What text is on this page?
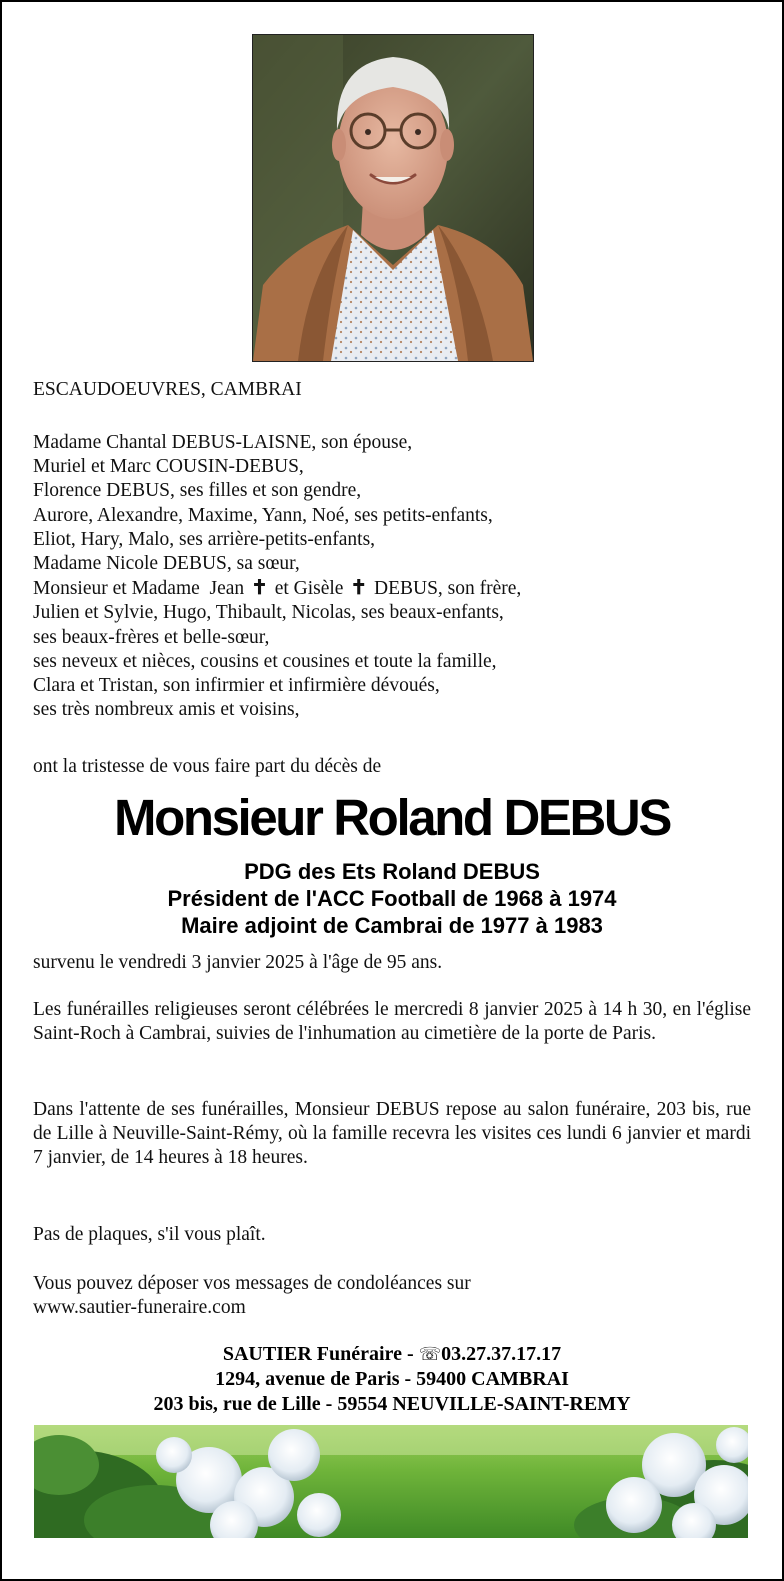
ESCAUDOEUVRES, CAMBRAI
Madame Chantal DEBUS-LAISNE, son épouse,
Muriel et Marc COUSIN-DEBUS,
Florence DEBUS, ses filles et son gendre,
Aurore, Alexandre, Maxime, Yann, Noé, ses petits-enfants,
Eliot, Hary, Malo, ses arrière-petits-enfants,
Madame Nicole DEBUS, sa sœur,
Monsieur et Madame  Jean ✝ et Gisèle ✝ DEBUS, son frère,
Julien et Sylvie, Hugo, Thibault, Nicolas, ses beaux-enfants,
ses beaux-frères et belle-sœur,
ses neveux et nièces, cousins et cousines et toute la famille,
Clara et Tristan, son infirmier et infirmière dévoués,
ses très nombreux amis et voisins,
ont la tristesse de vous faire part du décès de
Monsieur Roland DEBUS
PDG des Ets Roland DEBUS
Président de l'ACC Football de 1968 à 1974
Maire adjoint de Cambrai de 1977 à 1983
survenu le vendredi 3 janvier 2025 à l'âge de 95 ans.
Les funérailles religieuses seront célébrées le mercredi 8 janvier 2025 à 14 h 30, en l'église Saint-Roch à Cambrai, suivies de l'inhumation au cimetière de la porte de Paris.
Dans l'attente de ses funérailles, Monsieur DEBUS repose au salon funéraire, 203 bis, rue de Lille à Neuville-Saint-Rémy, où la famille recevra les visites ces lundi 6 janvier et mardi 7 janvier, de 14 heures à 18 heures.
Pas de plaques, s'il vous plaît.
Vous pouvez déposer vos messages de condoléances sur
www.sautier-funeraire.com
SAUTIER Funéraire - ☏03.27.37.17.17
1294, avenue de Paris - 59400 CAMBRAI
203 bis, rue de Lille - 59554 NEUVILLE-SAINT-REMY
